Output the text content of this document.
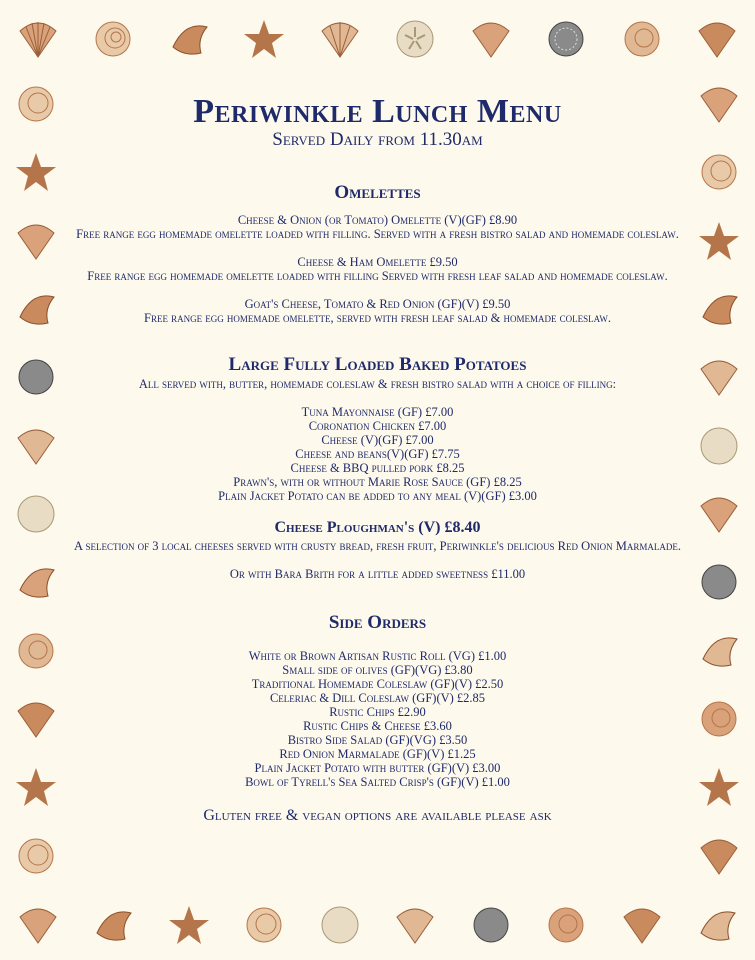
Periwinkle Lunch Menu

Served Daily from 11.30am

Omelettes

Cheese & Onion (or Tomato) Omelette (V)(GF) £8.90

Free range egg homemade omelette loaded with filling. Served with a fresh bistro salad and homemade coleslaw.

Cheese & Ham Omelette £9.50

Free range egg homemade omelette loaded with filling Served with fresh leaf salad and homemade coleslaw.

Goat's Cheese, Tomato & Red Onion (GF)(V) £9.50

Free range egg homemade omelette, served with fresh leaf salad & homemade coleslaw.

Large Fully Loaded Baked Potatoes

All served with, butter, homemade coleslaw & fresh bistro salad with a choice of filling:

Tuna Mayonnaise (GF) £7.00

Coronation Chicken £7.00

Cheese (V)(GF) £7.00

Cheese and beans(V)(GF) £7.75

Cheese & BBQ pulled pork £8.25

Prawn's, with or without Marie Rose Sauce (GF) £8.25

Plain Jacket Potato can be added to any meal (V)(GF) £3.00

Cheese Ploughman's (V) £8.40

A selection of 3 local cheeses served with crusty bread, fresh fruit, Periwinkle's delicious Red Onion Marmalade.

Or with Bara Brith for a little added sweetness £11.00

Side Orders

White or Brown Artisan Rustic Roll (VG) £1.00

Small side of olives (GF)(VG) £3.80

Traditional Homemade Coleslaw (GF)(V) £2.50

Celeriac & Dill Coleslaw (GF)(V) £2.85

Rustic Chips £2.90

Rustic Chips & Cheese £3.60

Bistro Side Salad (GF)(VG) £3.50

Red Onion Marmalade (GF)(V) £1.25

Plain Jacket Potato with butter (GF)(V) £3.00

Bowl of Tyrell's Sea Salted Crisp's (GF)(V) £1.00

Gluten free & vegan options are available please ask
